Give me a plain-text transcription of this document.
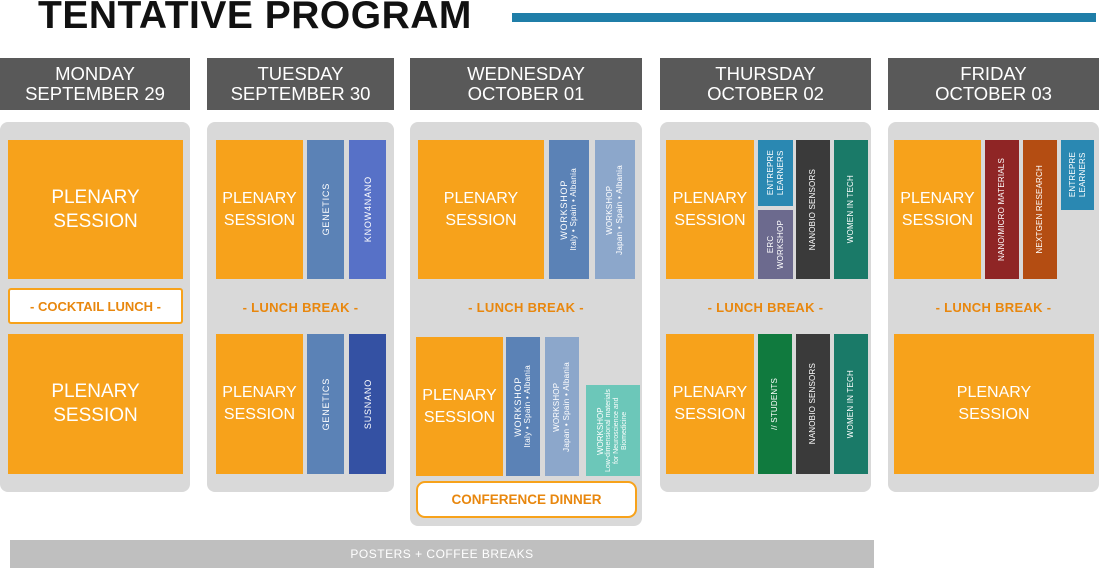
TENTATIVE PROGRAM
MONDAY
SEPTEMBER 29
TUESDAY
SEPTEMBER 30
WEDNESDAY
OCTOBER 01
THURSDAY
OCTOBER 02
FRIDAY
OCTOBER 03
PLENARY
SESSION
- COCKTAIL LUNCH -
PLENARY
SESSION
PLENARY
SESSION	GENETICS	KNOW4NANO
- LUNCH BREAK -
PLENARY
SESSION	GENETICS	SUSNANO
PLENARY
SESSION	WORKSHOP Italy • Spain • Albania	WORKSHOP Japan • Spain • Albania
- LUNCH BREAK -
PLENARY
SESSION WORKSHOP Italy • Spain • Albania	WORKSHOP Japan • Spain • Albania	WORKSHOP Low-dimensional materials for Neuroscience and Biomedicine
CONFERENCE DINNER
PLENARY
SESSION
ENTREPRE LEARNERS
ERC WORKSHOP	NANOBIO SENSORS	WOMEN IN TECH
- LUNCH BREAK -
PLENARY
SESSION	// STUDENTS	NANOBIO SENSORS	WOMEN IN TECH
PLENARY
SESSION	NANO/MICRO MATERIALS	NEXTGEN RESEARCH	ENTREPRE LEARNERS
- LUNCH BREAK -
PLENARY
SESSION
POSTERS + COFFEE BREAKS
